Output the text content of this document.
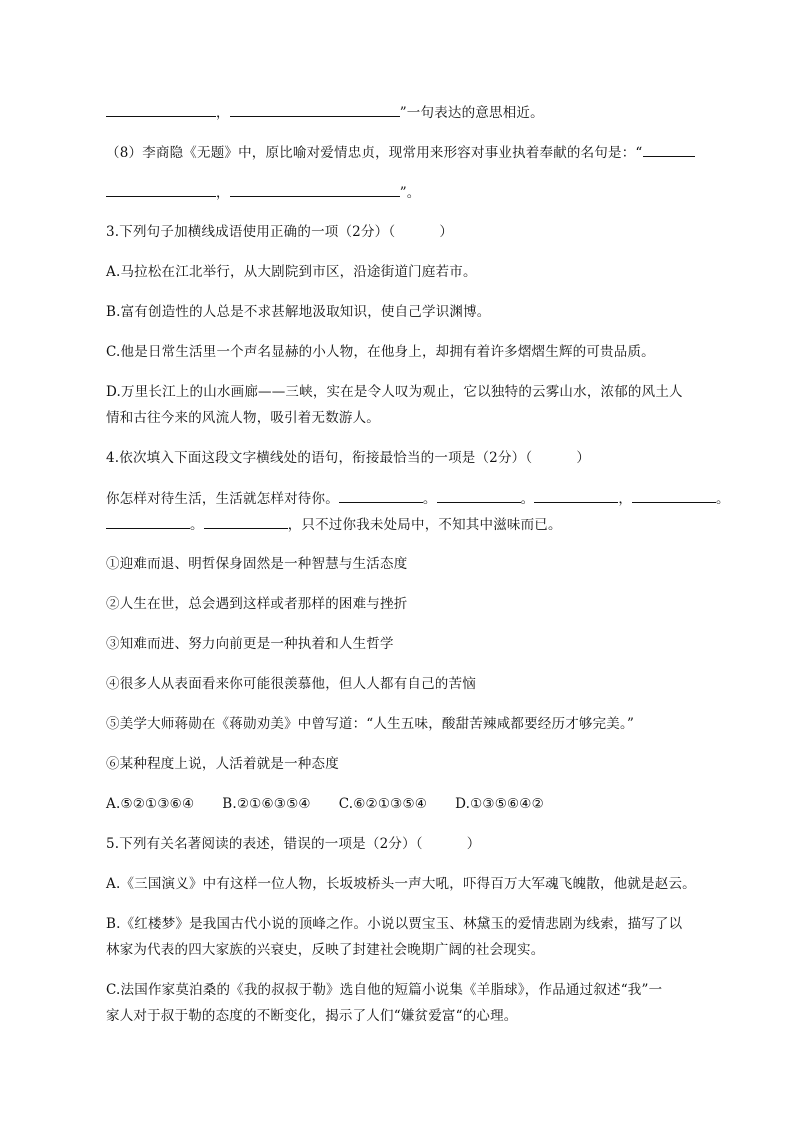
，	”一句表达的意思相近。
（8）李商隐《无题》中，原比喻对爱情忠贞，现常用来形容对事业执着奉献的名句是：“
，	”。
3.下列句子加横线成语使用正确的一项（2分）（	）
A.马拉松在江北举行，从大剧院到市区，沿途街道门庭若市。
B.富有创造性的人总是不求甚解地汲取知识，使自己学识渊博。
C.他是日常生活里一个声名显赫的小人物，在他身上，却拥有着许多熠熠生辉的可贵品质。
D.万里长江上的山水画廊——三峡，实在是令人叹为观止，它以独特的云雾山水，浓郁的风土人
情和古往今来的风流人物，吸引着无数游人。
4.依次填入下面这段文字横线处的语句，衔接最恰当的一项是（2分）（	）
你怎样对待生活，生活就怎样对待你。	。	。	，	。
。	，只不过你我未处局中，不知其中滋味而已。
①迎难而退、明哲保身固然是一种智慧与生活态度
②人生在世，总会遇到这样或者那样的困难与挫折
③知难而进、努力向前更是一种执着和人生哲学
④很多人从表面看来你可能很羡慕他，但人人都有自己的苦恼
⑤美学大师蒋勋在《蒋勋劝美》中曾写道：“人生五味，酸甜苦辣咸都要经历才够完美。”
⑥某种程度上说，人活着就是一种态度
A.⑤②①③⑥④ B.②①⑥③⑤④ C.⑥②①③⑤④ D.①③⑤⑥④②
5.下列有关名著阅读的表述，错误的一项是（2分）（	）
A.《三国演义》中有这样一位人物，长坂坡桥头一声大吼，吓得百万大军魂飞魄散，他就是赵云。
B.《红楼梦》是我国古代小说的顶峰之作。小说以贾宝玉、林黛玉的爱情悲剧为线索，描写了以
林家为代表的四大家族的兴衰史，反映了封建社会晚期广阔的社会现实。
C.法国作家莫泊桑的《我的叔叔于勒》选自他的短篇小说集《羊脂球》，作品通过叙述“我”一
家人对于叔于勒的态度的不断变化，揭示了人们“嫌贫爱富“的心理。
